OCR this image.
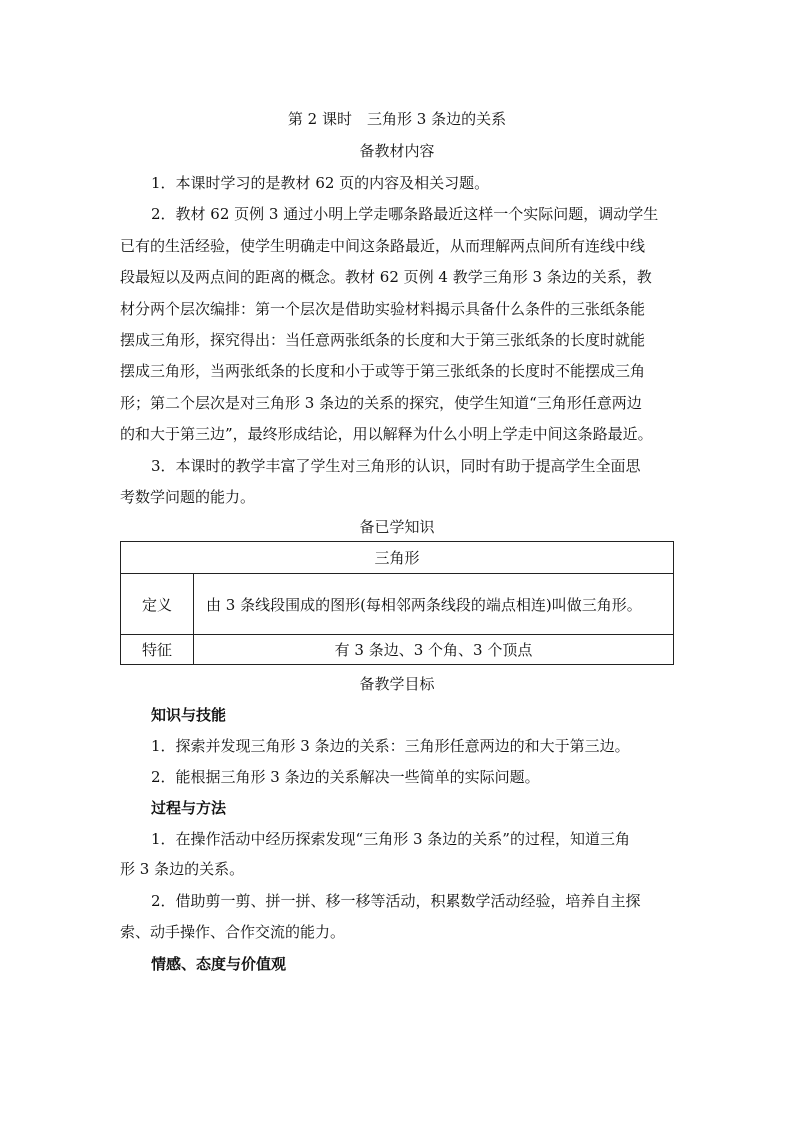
第 2 课时　三角形 3 条边的关系
备教材内容
1．本课时学习的是教材 62 页的内容及相关习题。
2．教材 62 页例 3 通过小明上学走哪条路最近这样一个实际问题，调动学生
已有的生活经验，使学生明确走中间这条路最近，从而理解两点间所有连线中线
段最短以及两点间的距离的概念。教材 62 页例 4 教学三角形 3 条边的关系，教
材分两个层次编排：第一个层次是借助实验材料揭示具备什么条件的三张纸条能
摆成三角形，探究得出：当任意两张纸条的长度和大于第三张纸条的长度时就能
摆成三角形，当两张纸条的长度和小于或等于第三张纸条的长度时不能摆成三角
形；第二个层次是对三角形 3 条边的关系的探究，使学生知道“三角形任意两边
的和大于第三边”，最终形成结论，用以解释为什么小明上学走中间这条路最近。
3．本课时的教学丰富了学生对三角形的认识，同时有助于提高学生全面思
考数学问题的能力。
备已学知识
三角形	
定义	由 3 条线段围成的图形(每相邻两条线段的端点相连)叫做三角形。
特征	有 3 条边、3 个角、3 个顶点
备教学目标
知识与技能
1．探索并发现三角形 3 条边的关系：三角形任意两边的和大于第三边。
2．能根据三角形 3 条边的关系解决一些简单的实际问题。
过程与方法
1．在操作活动中经历探索发现“三角形 3 条边的关系”的过程，知道三角
形 3 条边的关系。
2．借助剪一剪、拼一拼、移一移等活动，积累数学活动经验，培养自主探
索、动手操作、合作交流的能力。
情感、态度与价值观
